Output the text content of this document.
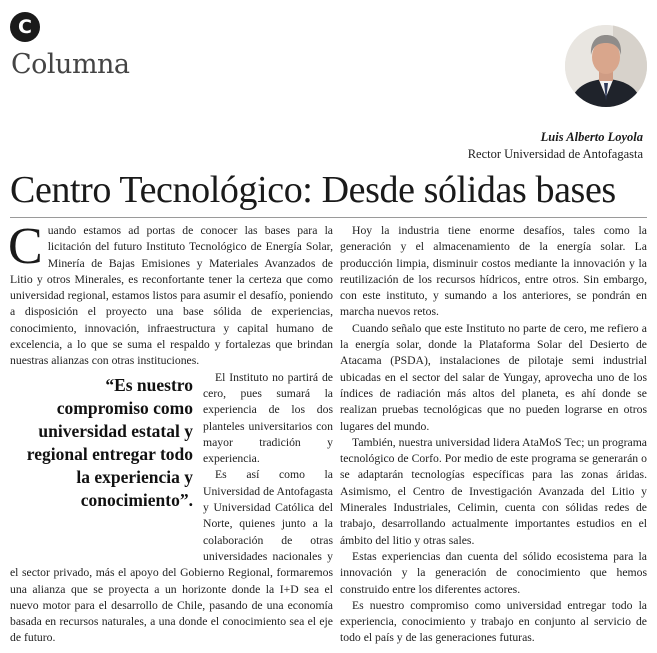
C
Columna
Luis Alberto Loyola
Rector Universidad de Antofagasta
Centro Tecnológico: Desde sólidas bases

Cuando estamos ad portas de conocer las bases para la licitación del futuro Instituto Tecnológico de Energía Solar, Minería de Bajas Emisiones y Materiales Avanzados de Litio y otros Minerales, es reconfortante tener la certeza que como universidad regional, estamos listos para asumir el desafío, poniendo a disposición el proyecto una base sólida de experiencias, conocimiento, innovación, infraestructura y capital humano de excelencia, a lo que se suma el respaldo y fortalezas que brindan nuestras alianzas con otras instituciones.

“Es nuestro compromiso como universidad estatal y regional entregar todo la experiencia y conocimiento”.

El Instituto no partirá de cero, pues sumará la experiencia de los dos planteles universitarios con mayor tradición y experiencia.

Es así como la Universidad de Antofagasta y Universidad Católica del Norte, quienes junto a la colaboración de otras universidades nacionales y el sector privado, más el apoyo del Gobierno Regional, formaremos una alianza que se proyecta a un horizonte donde la I+D sea el nuevo motor para el desarrollo de Chile, pasando de una economía basada en recursos naturales, a una donde el conocimiento sea el eje de futuro.

Hoy la industria tiene enorme desafíos, tales como la generación y el almacenamiento de la energía solar. La producción limpia, disminuir costos mediante la innovación y la reutilización de los recursos hídricos, entre otros. Sin embargo, con este instituto, y sumando a los anteriores, se pondrán en marcha nuevos retos.

Cuando señalo que este Instituto no parte de cero, me refiero a la energía solar, donde la Plataforma Solar del Desierto de Atacama (PSDA), instalaciones de pilotaje semi industrial ubicadas en el sector del salar de Yungay, aprovecha uno de los índices de radiación más altos del planeta, es ahí donde se realizan pruebas tecnológicas que no pueden lograrse en otros lugares del mundo.

También, nuestra universidad lidera AtaMoS Tec; un programa tecnológico de Corfo. Por medio de este programa se generarán o se adaptarán tecnologías específicas para las zonas áridas. Asimismo, el Centro de Investigación Avanzada del Litio y Minerales Industriales, Celimin, cuenta con sólidas redes de trabajo, desarrollando actualmente importantes estudios en el ámbito del litio y otras sales.

Estas experiencias dan cuenta del sólido ecosistema para la innovación y la generación de conocimiento que hemos construido entre los diferentes actores.

Es nuestro compromiso como universidad entregar todo la experiencia, conocimiento y trabajo en conjunto al servicio de todo el país y de las generaciones futuras.
